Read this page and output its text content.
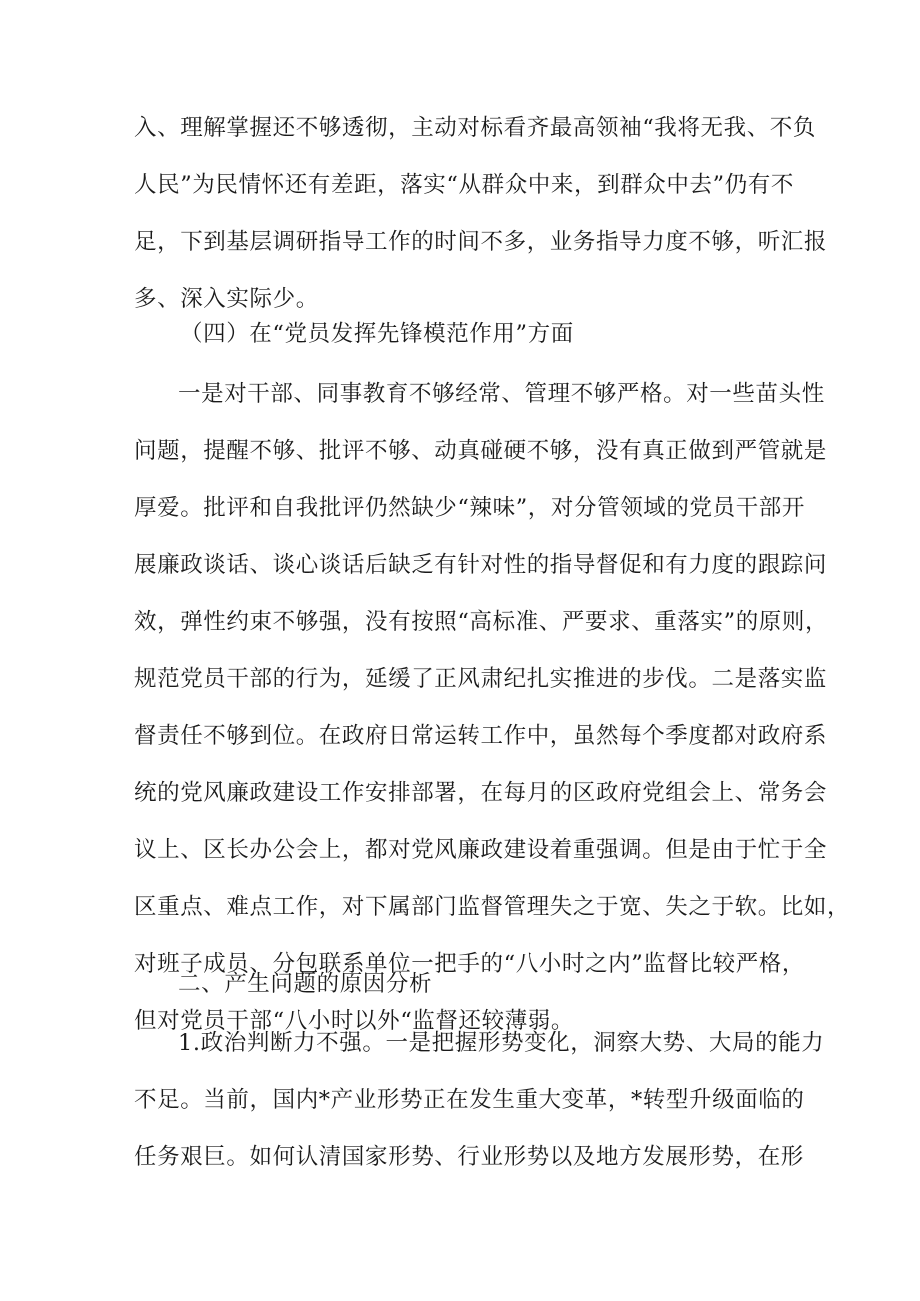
入、理解掌握还不够透彻，主动对标看齐最高领袖“我将无我、不负
人民”为民情怀还有差距，落实“从群众中来，到群众中去”仍有不
足，下到基层调研指导工作的时间不多，业务指导力度不够，听汇报
多、深入实际少。
（四）在“党员发挥先锋模范作用”方面
一是对干部、同事教育不够经常、管理不够严格。对一些苗头性
问题，提醒不够、批评不够、动真碰硬不够，没有真正做到严管就是
厚爱。批评和自我批评仍然缺少“辣味”，对分管领域的党员干部开
展廉政谈话、谈心谈话后缺乏有针对性的指导督促和有力度的跟踪问
效，弹性约束不够强，没有按照“高标准、严要求、重落实”的原则，
规范党员干部的行为，延缓了正风肃纪扎实推进的步伐。二是落实监
督责任不够到位。在政府日常运转工作中，虽然每个季度都对政府系
统的党风廉政建设工作安排部署，在每月的区政府党组会上、常务会
议上、区长办公会上，都对党风廉政建设着重强调。但是由于忙于全
区重点、难点工作，对下属部门监督管理失之于宽、失之于软。比如，
对班子成员、分包联系单位一把手的“八小时之内”监督比较严格，
但对党员干部“八小时以外“监督还较薄弱。
二、产生问题的原因分析
1.政治判断力不强。一是把握形势变化，洞察大势、大局的能力
不足。当前，国内*产业形势正在发生重大变革，*转型升级面临的
任务艰巨。如何认清国家形势、行业形势以及地方发展形势，在形
